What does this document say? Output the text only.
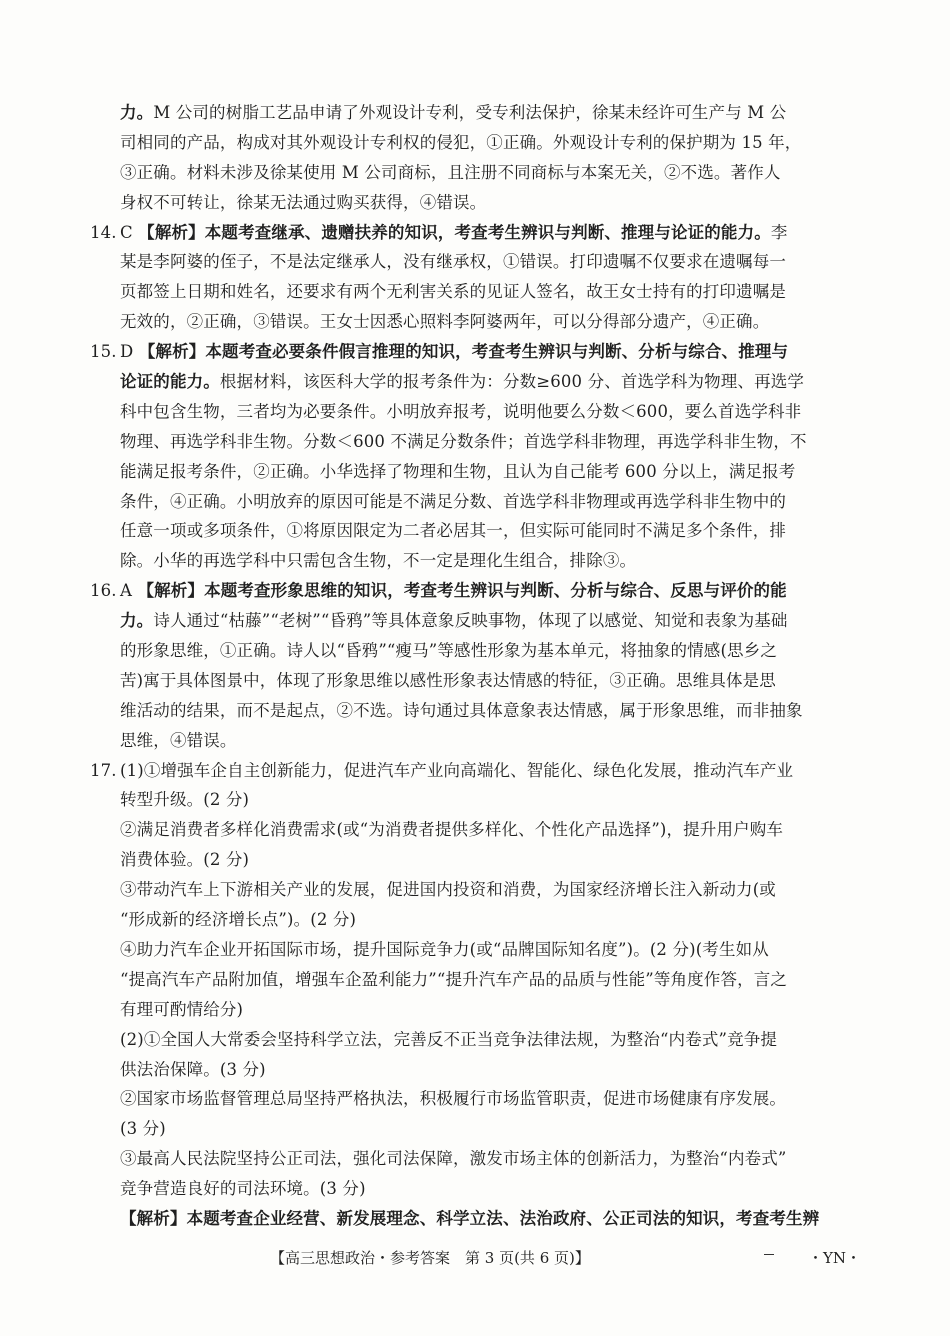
力。M 公司的树脂工艺品申请了外观设计专利，受专利法保护，徐某未经许可生产与 M 公
司相同的产品，构成对其外观设计专利权的侵犯，①正确。外观设计专利的保护期为 15 年，
③正确。材料未涉及徐某使用 M 公司商标，且注册不同商标与本案无关，②不选。著作人
身权不可转让，徐某无法通过购买获得，④错误。
14. C 【解析】本题考查继承、遗赠扶养的知识，考查考生辨识与判断、推理与论证的能力。李
某是李阿婆的侄子，不是法定继承人，没有继承权，①错误。打印遗嘱不仅要求在遗嘱每一
页都签上日期和姓名，还要求有两个无利害关系的见证人签名，故王女士持有的打印遗嘱是
无效的，②正确，③错误。王女士因悉心照料李阿婆两年，可以分得部分遗产，④正确。
15. D 【解析】本题考查必要条件假言推理的知识，考查考生辨识与判断、分析与综合、推理与
论证的能力。根据材料，该医科大学的报考条件为：分数≥600 分、首选学科为物理、再选学
科中包含生物，三者均为必要条件。小明放弃报考，说明他要么分数＜600，要么首选学科非
物理、再选学科非生物。分数＜600 不满足分数条件；首选学科非物理，再选学科非生物，不
能满足报考条件，②正确。小华选择了物理和生物，且认为自己能考 600 分以上，满足报考
条件，④正确。小明放弃的原因可能是不满足分数、首选学科非物理或再选学科非生物中的
任意一项或多项条件，①将原因限定为二者必居其一，但实际可能同时不满足多个条件，排
除。小华的再选学科中只需包含生物，不一定是理化生组合，排除③。
16. A 【解析】本题考查形象思维的知识，考查考生辨识与判断、分析与综合、反思与评价的能
力。诗人通过“枯藤”“老树”“昏鸦”等具体意象反映事物，体现了以感觉、知觉和表象为基础
的形象思维，①正确。诗人以“昏鸦”“瘦马”等感性形象为基本单元，将抽象的情感(思乡之
苦)寓于具体图景中，体现了形象思维以感性形象表达情感的特征，③正确。思维具体是思
维活动的结果，而不是起点，②不选。诗句通过具体意象表达情感，属于形象思维，而非抽象
思维，④错误。
17. (1)①增强车企自主创新能力，促进汽车产业向高端化、智能化、绿色化发展，推动汽车产业
转型升级。(2 分)
②满足消费者多样化消费需求(或“为消费者提供多样化、个性化产品选择”)，提升用户购车
消费体验。(2 分)
③带动汽车上下游相关产业的发展，促进国内投资和消费，为国家经济增长注入新动力(或
“形成新的经济增长点”)。(2 分)
④助力汽车企业开拓国际市场，提升国际竞争力(或“品牌国际知名度”)。(2 分)(考生如从
“提高汽车产品附加值，增强车企盈利能力”“提升汽车产品的品质与性能”等角度作答，言之
有理可酌情给分)
(2)①全国人大常委会坚持科学立法，完善反不正当竞争法律法规，为整治“内卷式”竞争提
供法治保障。(3 分)
②国家市场监督管理总局坚持严格执法，积极履行市场监管职责，促进市场健康有序发展。
(3 分)
③最高人民法院坚持公正司法，强化司法保障，激发市场主体的创新活力，为整治“内卷式”
竞争营造良好的司法环境。(3 分)
【解析】本题考查企业经营、新发展理念、科学立法、法治政府、公正司法的知识，考查考生辨
【高三思想政治・参考答案　第 3 页(共 6 页)】	・YN・
